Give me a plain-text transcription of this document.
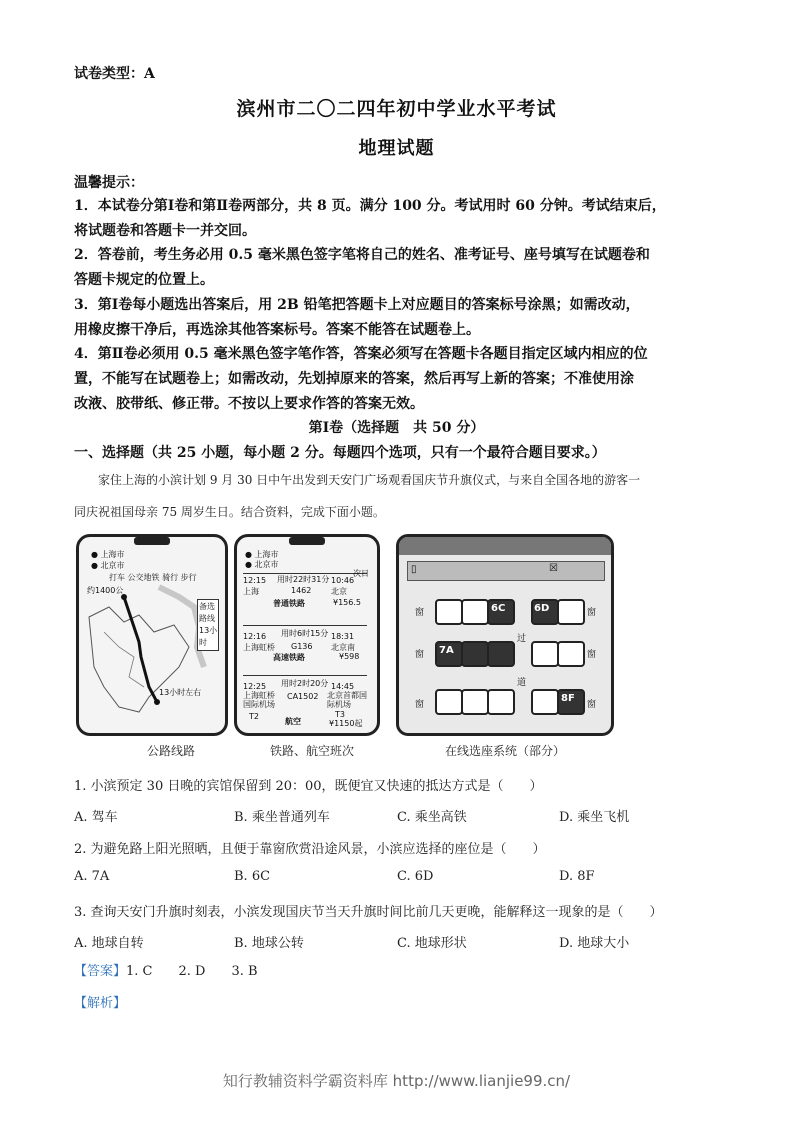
试卷类型：A
滨州市二〇二四年初中学业水平考试
地理试题
温馨提示：
1．本试卷分第Ⅰ卷和第Ⅱ卷两部分，共 8 页。满分 100 分。考试用时 60 分钟。考试结束后，
将试题卷和答题卡一并交回。
2．答卷前，考生务必用 0.5 毫米黑色签字笔将自己的姓名、准考证号、座号填写在试题卷和
答题卡规定的位置上。
3．第Ⅰ卷每小题选出答案后，用 2B 铅笔把答题卡上对应题目的答案标号涂黑；如需改动，
用橡皮擦干净后，再选涂其他答案标号。答案不能答在试题卷上。
4．第Ⅱ卷必须用 0.5 毫米黑色签字笔作答，答案必须写在答题卡各题目指定区域内相应的位
置，不能写在试题卷上；如需改动，先划掉原来的答案，然后再写上新的答案；不准使用涂
改液、胶带纸、修正带。不按以上要求作答的答案无效。
第Ⅰ卷（选择题　共 50 分）
一、选择题（共 25 小题，每小题 2 分。每题四个选项，只有一个最符合题目要求。）
家住上海的小滨计划 9 月 30 日中午出发到天安门广场观看国庆节升旗仪式，与来自全国各地的游客一
同庆祝祖国母亲 75 周岁生日。结合资料，完成下面小题。
● 上海市
● 北京市
打车 公交地铁 骑行 步行
约1400公
备选
路线
13小
时
13小时左右
● 上海市
● 北京市
12:15 用时22时31分 10:46
次日
上海	1462 北京
普通铁路	¥156.5
12:16 用时6时15分 18:31
上海虹桥 G136 北京南
高速铁路	¥598
12:25 用时2时20分 14:45
上海虹桥国际机场
CA1502 北京首都国际机场
T2	T3
航空	¥1150起
▯	☒
窗	6C	6D	窗
过
窗 7A	窗
道
窗
8F
窗
公路线路	铁路、航空班次	在线选座系统（部分）
1. 小滨预定 30 日晚的宾馆保留到 20：00，既便宜又快速的抵达方式是（　　）
A. 驾车	B. 乘坐普通列车	C. 乘坐高铁	D. 乘坐飞机
2. 为避免路上阳光照晒，且便于靠窗欣赏沿途风景，小滨应选择的座位是（　　）
A. 7A	B. 6C	C. 6D	D. 8F
3. 查询天安门升旗时刻表，小滨发现国庆节当天升旗时间比前几天更晚，能解释这一现象的是（　　）
A. 地球自转	B. 地球公转	C. 地球形状	D. 地球大小
【答案】1. C　　2. D　　3. B
【解析】
知行教辅资料学霸资料库 http://www.lianjie99.cn/
